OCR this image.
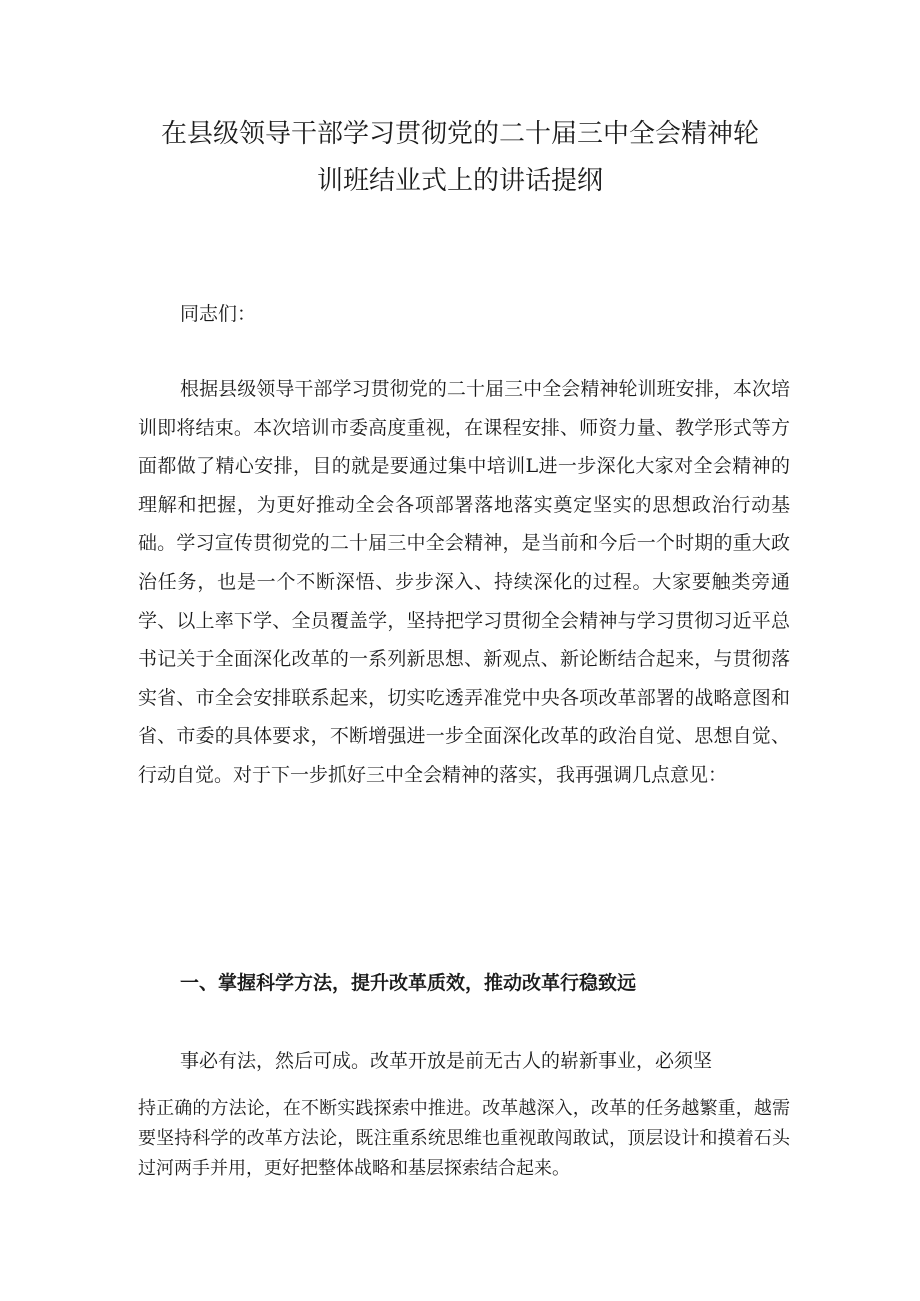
在县级领导干部学习贯彻党的二十届三中全会精神轮
训班结业式上的讲话提纲
同志们：

根据县级领导干部学习贯彻党的二十届三中全会精神轮训班安排，本次培训即将结束。本次培训市委高度重视，在课程安排、师资力量、教学形式等方面都做了精心安排，目的就是要通过集中培训L进一步深化大家对全会精神的理解和把握，为更好推动全会各项部署落地落实奠定坚实的思想政治行动基础。学习宣传贯彻党的二十届三中全会精神，是当前和今后一个时期的重大政治任务，也是一个不断深悟、步步深入、持续深化的过程。大家要触类旁通学、以上率下学、全员覆盖学，坚持把学习贯彻全会精神与学习贯彻习近平总书记关于全面深化改革的一系列新思想、新观点、新论断结合起来，与贯彻落实省、市全会安排联系起来，切实吃透弄准党中央各项改革部署的战略意图和省、市委的具体要求，不断增强进一步全面深化改革的政治自觉、思想自觉、行动自觉。对于下一步抓好三中全会精神的落实，我再强调几点意见：

一、掌握科学方法，提升改革质效，推动改革行稳致远
事必有法，然后可成。改革开放是前无古人的崭新事业，必须坚

持正确的方法论，在不断实践探索中推进。改革越深入，改革的任务越繁重，越需要坚持科学的改革方法论，既注重系统思维也重视敢闯敢试，顶层设计和摸着石头过河两手并用，更好把整体战略和基层探索结合起来。
